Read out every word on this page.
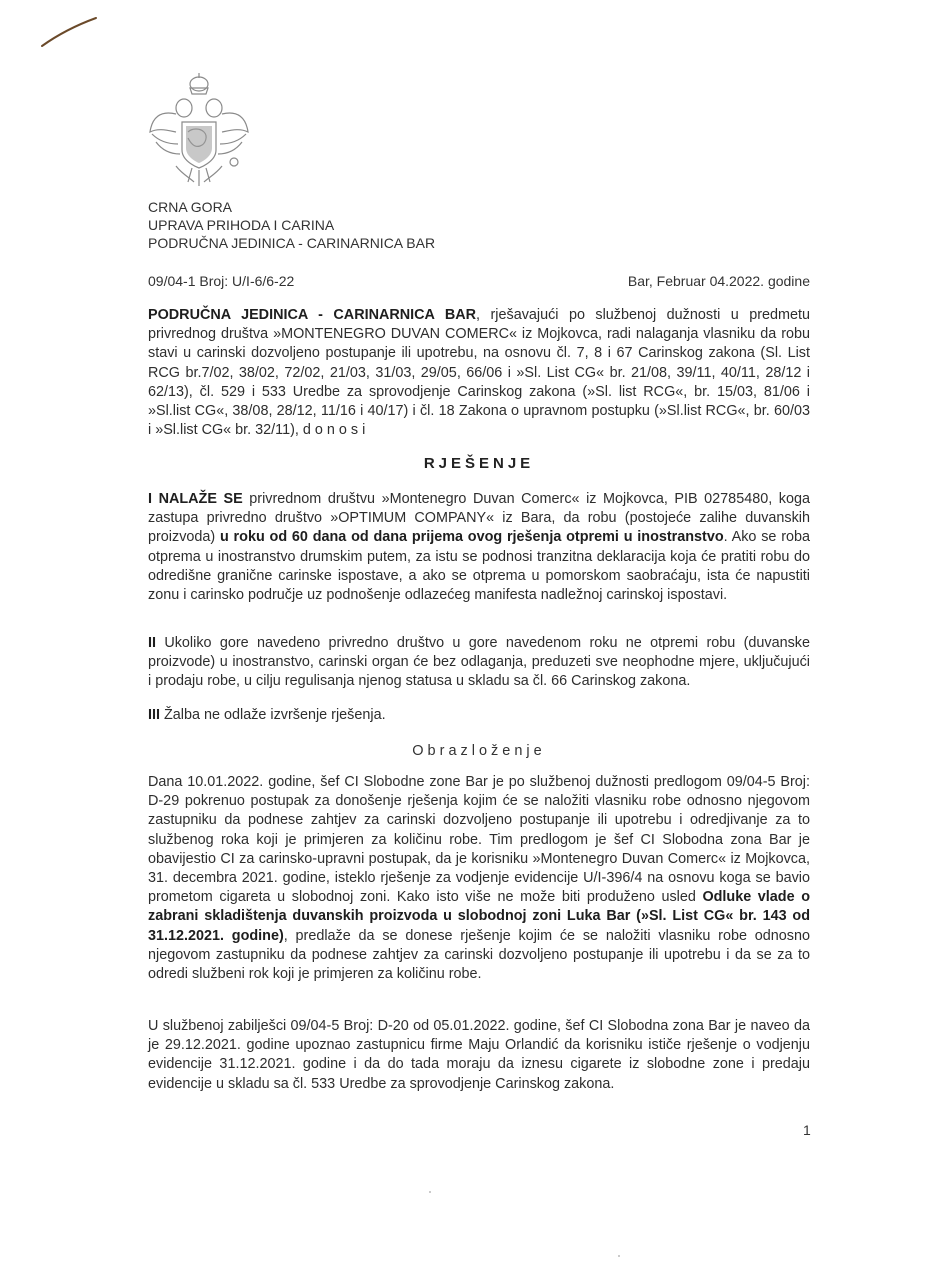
CRNA GORA
UPRAVA PRIHODA I CARINA
PODRUČNA JEDINICA - CARINARNICA BAR
09/04-1 Broj: U/I-6/6-22	Bar, Februar 04.2022. godine
PODRUČNA JEDINICA - CARINARNICA BAR, rješavajući po službenoj dužnosti u predmetu privrednog društva »MONTENEGRO DUVAN COMERC« iz Mojkovca, radi nalaganja vlasniku da robu stavi u carinski dozvoljeno postupanje ili upotrebu, na osnovu čl. 7, 8 i 67 Carinskog zakona (Sl. List RCG br.7/02, 38/02, 72/02, 21/03, 31/03, 29/05, 66/06 i »Sl. List CG« br. 21/08, 39/11, 40/11, 28/12 i 62/13), čl. 529 i 533 Uredbe za sprovodjenje Carinskog zakona (»Sl. list RCG«, br. 15/03, 81/06 i »Sl.list CG«, 38/08, 28/12, 11/16 i 40/17) i čl. 18 Zakona o upravnom postupku (»Sl.list RCG«, br. 60/03 i »Sl.list CG« br. 32/11), d o n o s i
RJEŠENJE
I NALAŽE SE privrednom društvu »Montenegro Duvan Comerc« iz Mojkovca, PIB 02785480, koga zastupa privredno društvo »OPTIMUM COMPANY« iz Bara, da robu (postojeće zalihe duvanskih proizvoda) u roku od 60 dana od dana prijema ovog rješenja otpremi u inostranstvo. Ako se roba otprema u inostranstvo drumskim putem, za istu se podnosi tranzitna deklaracija koja će pratiti robu do odredišne granične carinske ispostave, a ako se otprema u pomorskom saobraćaju, ista će napustiti zonu i carinsko područje uz podnošenje odlazećeg manifesta nadležnoj carinskoj ispostavi.
II Ukoliko gore navedeno privredno društvo u gore navedenom roku ne otpremi robu (duvanske proizvode) u inostranstvo, carinski organ će bez odlaganja, preduzeti sve neophodne mjere, uključujući i prodaju robe, u cilju regulisanja njenog statusa u skladu sa čl. 66 Carinskog zakona.
III Žalba ne odlaže izvršenje rješenja.
Obrazloženje
Dana 10.01.2022. godine, šef CI Slobodne zone Bar je po službenoj dužnosti predlogom 09/04-5 Broj: D-29 pokrenuo postupak za donošenje rješenja kojim će se naložiti vlasniku robe odnosno njegovom zastupniku da podnese zahtjev za carinski dozvoljeno postupanje ili upotrebu i odredjivanje za to službenog roka koji je primjeren za količinu robe. Tim predlogom je šef CI Slobodna zona Bar je obavijestio CI za carinsko-upravni postupak, da je korisniku »Montenegro Duvan Comerc« iz Mojkovca, 31. decembra 2021. godine, isteklo rješenje za vodjenje evidencije U/I-396/4 na osnovu koga se bavio prometom cigareta u slobodnoj zoni. Kako isto više ne može biti produženo usled Odluke vlade o zabrani skladištenja duvanskih proizvoda u slobodnoj zoni Luka Bar (»Sl. List CG« br. 143 od 31.12.2021. godine), predlaže da se donese rješenje kojim će se naložiti vlasniku robe odnosno njegovom zastupniku da podnese zahtjev za carinski dozvoljeno postupanje ili upotrebu i da se za to odredi službeni rok koji je primjeren za količinu robe.
U službenoj zabilješci 09/04-5 Broj: D-20 od 05.01.2022. godine, šef CI Slobodna zona Bar je naveo da je 29.12.2021. godine upoznao zastupnicu firme Maju Orlandić da korisniku ističe rješenje o vodjenju evidencije 31.12.2021. godine i da do tada moraju da iznesu cigarete iz slobodne zone i predaju evidencije u skladu sa čl. 533 Uredbe za sprovodjenje Carinskog zakona.
1
